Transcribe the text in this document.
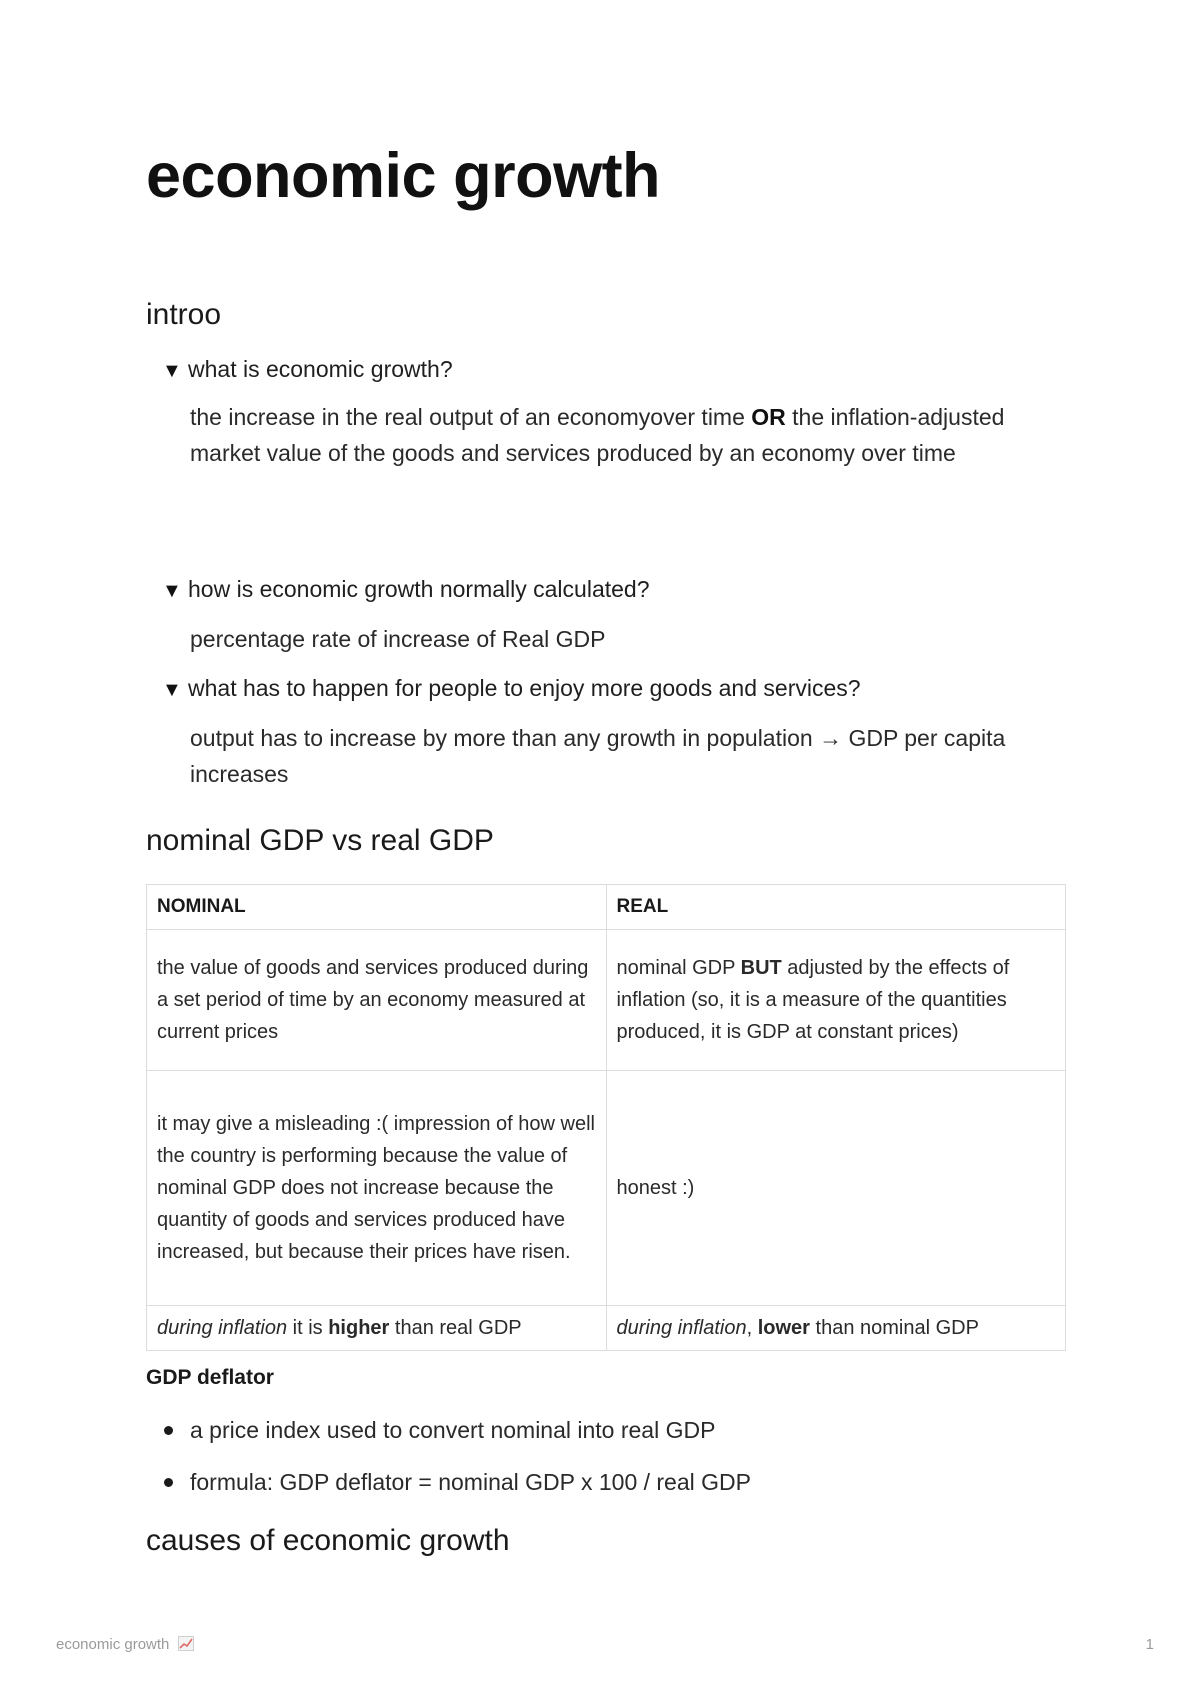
economic growth
introo
▼ what is economic growth?
the increase in the real output of an economyover time OR the inflation-adjusted market value of the goods and services produced by an economy over time
▼ how is economic growth normally calculated?
percentage rate of increase of Real GDP
▼ what has to happen for people to enjoy more goods and services?
output has to increase by more than any growth in population → GDP per capita increases
nominal GDP vs real GDP
NOMINAL	REAL
the value of goods and services produced during a set period of time by an economy measured at current prices	nominal GDP BUT adjusted by the effects of inflation (so, it is a measure of the quantities produced, it is GDP at constant prices)
it may give a misleading :( impression of how well the country is performing because the value of nominal GDP does not increase because the quantity of goods and services produced have increased, but because their prices have risen.	honest :)
during inflation it is higher than real GDP	during inflation, lower than nominal GDP
GDP deflator
a price index used to convert nominal into real GDP
formula: GDP deflator = nominal GDP x 100 / real GDP
causes of economic growth
economic growth	1
